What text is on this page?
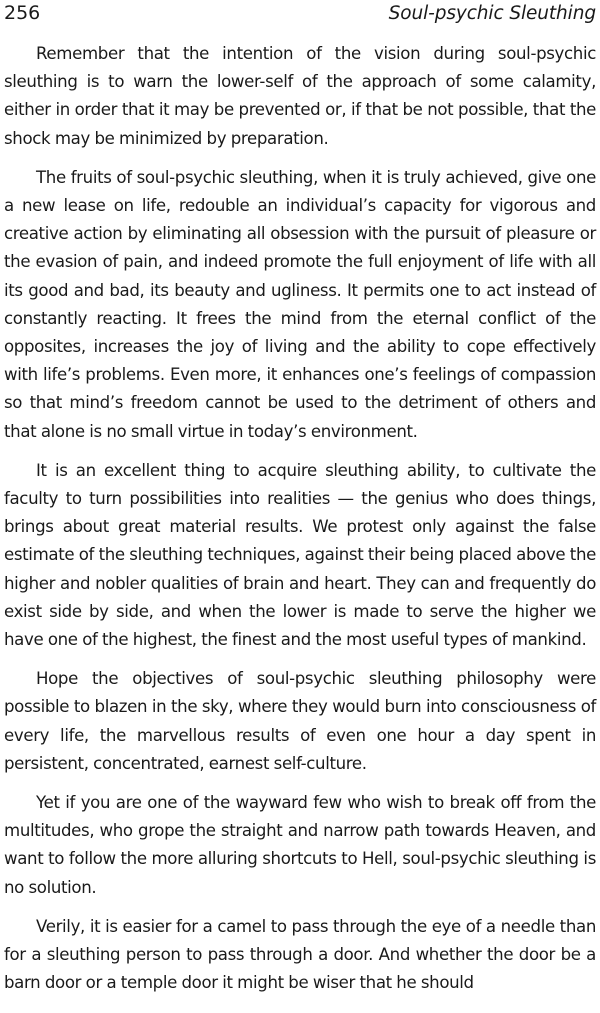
256	Soul-psychic Sleuthing

Remember that the intention of the vision during soul-psychic sleuthing is to warn the lower-self of the approach of some calamity, either in order that it may be prevented or, if that be not possible, that the shock may be minimized by preparation.

The fruits of soul-psychic sleuthing, when it is truly achieved, give one a new lease on life, redouble an individual’s capacity for vigorous and creative action by eliminating all obsession with the pursuit of pleasure or the evasion of pain, and indeed promote the full enjoyment of life with all its good and bad, its beauty and ugliness. It permits one to act instead of constantly reacting. It frees the mind from the eternal conflict of the opposites, increases the joy of living and the ability to cope effectively with life’s problems. Even more, it enhances one’s feelings of compassion so that mind’s freedom cannot be used to the detriment of others and that alone is no small virtue in today’s environment.

It is an excellent thing to acquire sleuthing ability, to cultivate the faculty to turn possibilities into realities — the genius who does things, brings about great material results. We protest only against the false estimate of the sleuthing techniques, against their being placed above the higher and nobler qualities of brain and heart. They can and frequently do exist side by side, and when the lower is made to serve the higher we have one of the highest, the finest and the most useful types of mankind.

Hope the objectives of soul-psychic sleuthing philosophy were possible to blazen in the sky, where they would burn into consciousness of every life, the marvellous results of even one hour a day spent in persistent, concentrated, earnest self-culture.

Yet if you are one of the wayward few who wish to break off from the multitudes, who grope the straight and narrow path towards Heaven, and want to follow the more alluring shortcuts to Hell, soul-psychic sleuthing is no solution.

Verily, it is easier for a camel to pass through the eye of a needle than for a sleuthing person to pass through a door. And whether the door be a barn door or a temple door it might be wiser that he should
